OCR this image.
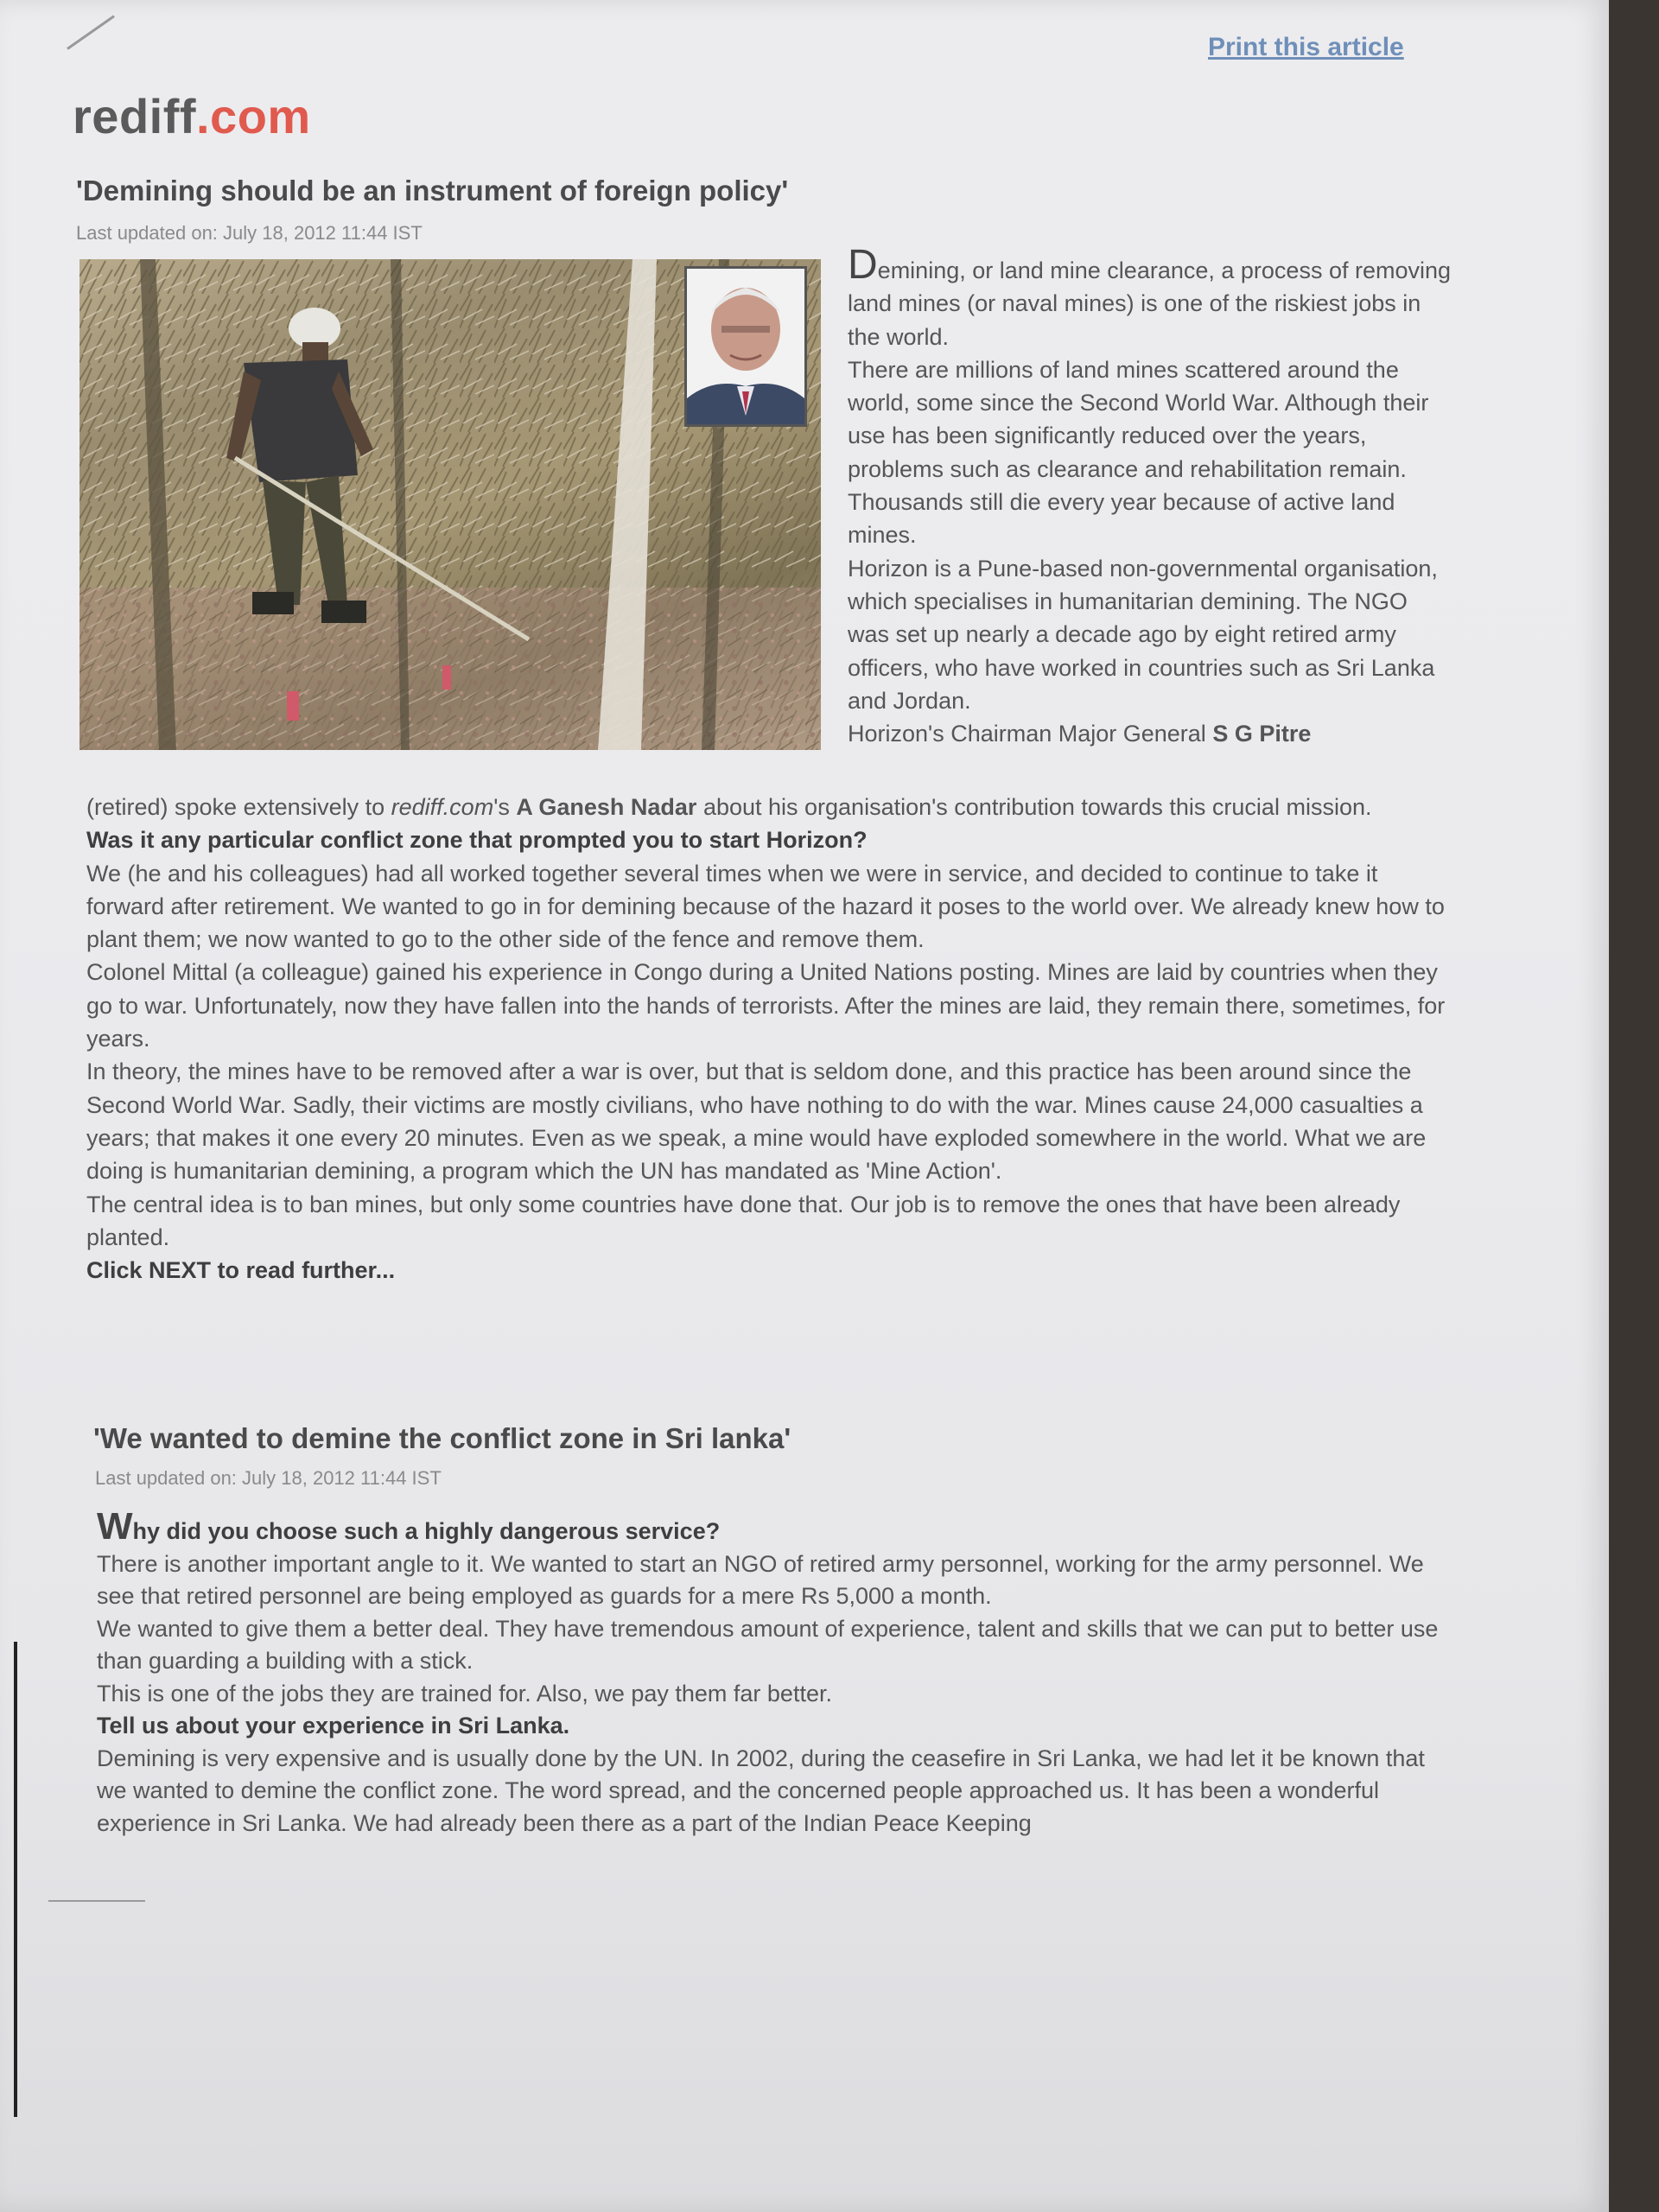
Print this article
rediff.com
'Demining should be an instrument of foreign policy'
Last updated on: July 18, 2012 11:44 IST

Demining, or land mine clearance, a process of removing land mines (or naval mines) is one of the riskiest jobs in the world.

There are millions of land mines scattered around the world, some since the Second World War. Although their use has been significantly reduced over the years, problems such as clearance and rehabilitation remain. Thousands still die every year because of active land mines.

Horizon is a Pune-based non-governmental organisation, which specialises in humanitarian demining. The NGO was set up nearly a decade ago by eight retired army officers, who have worked in countries such as Sri Lanka and Jordan.

Horizon's Chairman Major General S G Pitre

(retired) spoke extensively to rediff.com's A Ganesh Nadar about his organisation's contribution towards this crucial mission.

Was it any particular conflict zone that prompted you to start Horizon?

We (he and his colleagues) had all worked together several times when we were in service, and decided to continue to take it forward after retirement. We wanted to go in for demining because of the hazard it poses to the world over. We already knew how to plant them; we now wanted to go to the other side of the fence and remove them.

Colonel Mittal (a colleague) gained his experience in Congo during a United Nations posting. Mines are laid by countries when they go to war. Unfortunately, now they have fallen into the hands of terrorists. After the mines are laid, they remain there, sometimes, for years.

In theory, the mines have to be removed after a war is over, but that is seldom done, and this practice has been around since the Second World War. Sadly, their victims are mostly civilians, who have nothing to do with the war. Mines cause 24,000 casualties a years; that makes it one every 20 minutes. Even as we speak, a mine would have exploded somewhere in the world. What we are doing is humanitarian demining, a program which the UN has mandated as 'Mine Action'.

The central idea is to ban mines, but only some countries have done that. Our job is to remove the ones that have been already planted.

Click NEXT to read further...

'We wanted to demine the conflict zone in Sri lanka'
Last updated on: July 18, 2012 11:44 IST

Why did you choose such a highly dangerous service?

There is another important angle to it. We wanted to start an NGO of retired army personnel, working for the army personnel. We see that retired personnel are being employed as guards for a mere Rs 5,000 a month.

We wanted to give them a better deal. They have tremendous amount of experience, talent and skills that we can put to better use than guarding a building with a stick.

This is one of the jobs they are trained for. Also, we pay them far better.

Tell us about your experience in Sri Lanka.

Demining is very expensive and is usually done by the UN. In 2002, during the ceasefire in Sri Lanka, we had let it be known that we wanted to demine the conflict zone. The word spread, and the concerned people approached us. It has been a wonderful experience in Sri Lanka. We had already been there as a part of the Indian Peace Keeping
